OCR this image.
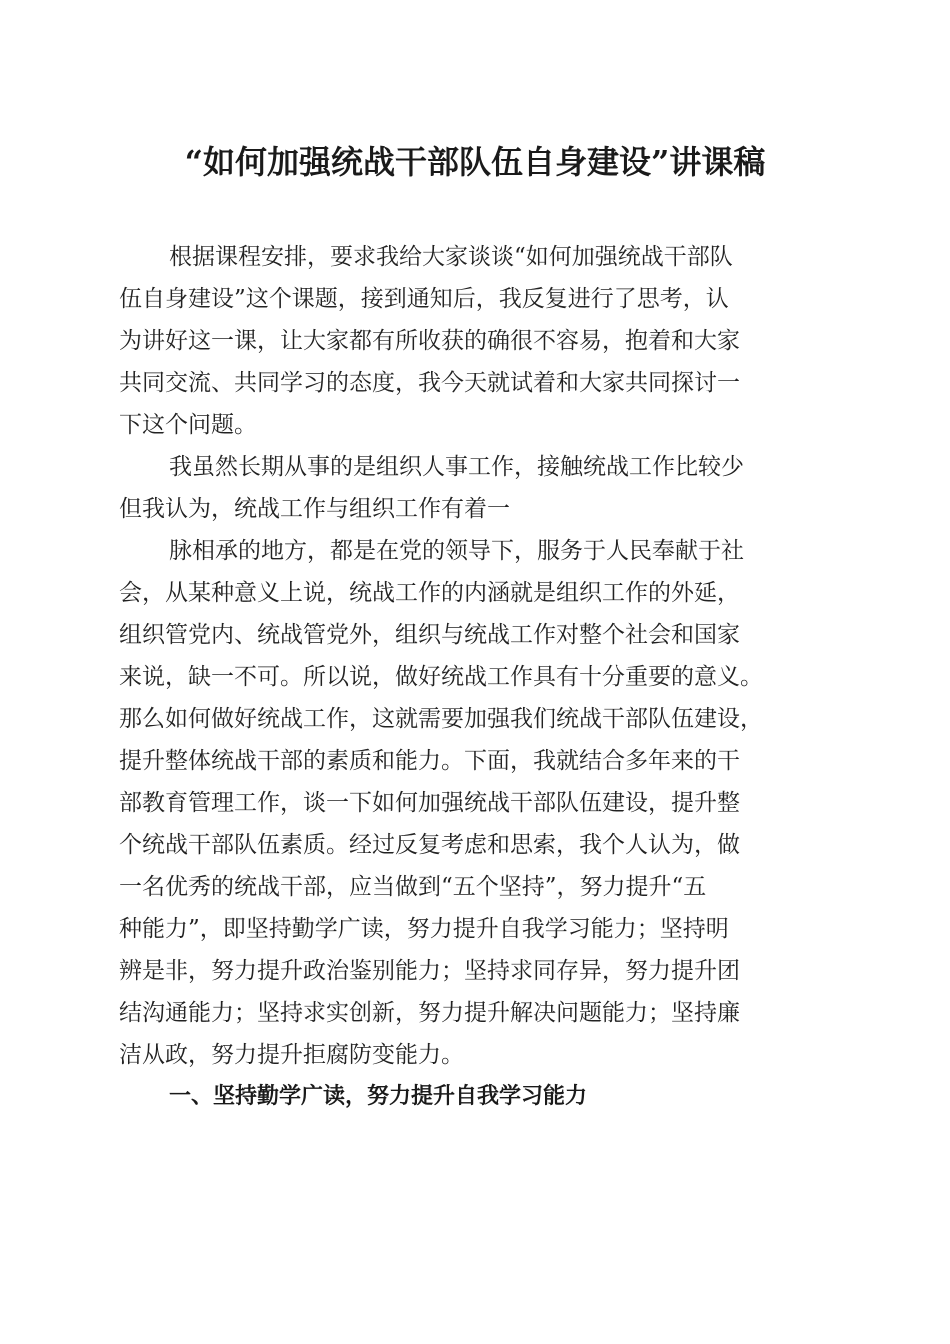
“如何加强统战干部队伍自身建设”讲课稿

根据课程安排，要求我给大家谈谈“如何加强统战干部队
伍自身建设”这个课题，接到通知后，我反复进行了思考，认
为讲好这一课，让大家都有所收获的确很不容易，抱着和大家
共同交流、共同学习的态度，我今天就试着和大家共同探讨一
下这个问题。

我虽然长期从事的是组织人事工作，接触统战工作比较少
但我认为，统战工作与组织工作有着一

脉相承的地方，都是在党的领导下，服务于人民奉献于社
会，从某种意义上说，统战工作的内涵就是组织工作的外延，
组织管党内、统战管党外，组织与统战工作对整个社会和国家
来说，缺一不可。所以说，做好统战工作具有十分重要的意义。
那么如何做好统战工作，这就需要加强我们统战干部队伍建设，
提升整体统战干部的素质和能力。下面，我就结合多年来的干
部教育管理工作，谈一下如何加强统战干部队伍建设，提升整
个统战干部队伍素质。经过反复考虑和思索，我个人认为，做
一名优秀的统战干部，应当做到“五个坚持”，努力提升“五
种能力”，即坚持勤学广读，努力提升自我学习能力；坚持明
辨是非，努力提升政治鉴别能力；坚持求同存异，努力提升团
结沟通能力；坚持求实创新，努力提升解决问题能力；坚持廉
洁从政，努力提升拒腐防变能力。

一、坚持勤学广读，努力提升自我学习能力
